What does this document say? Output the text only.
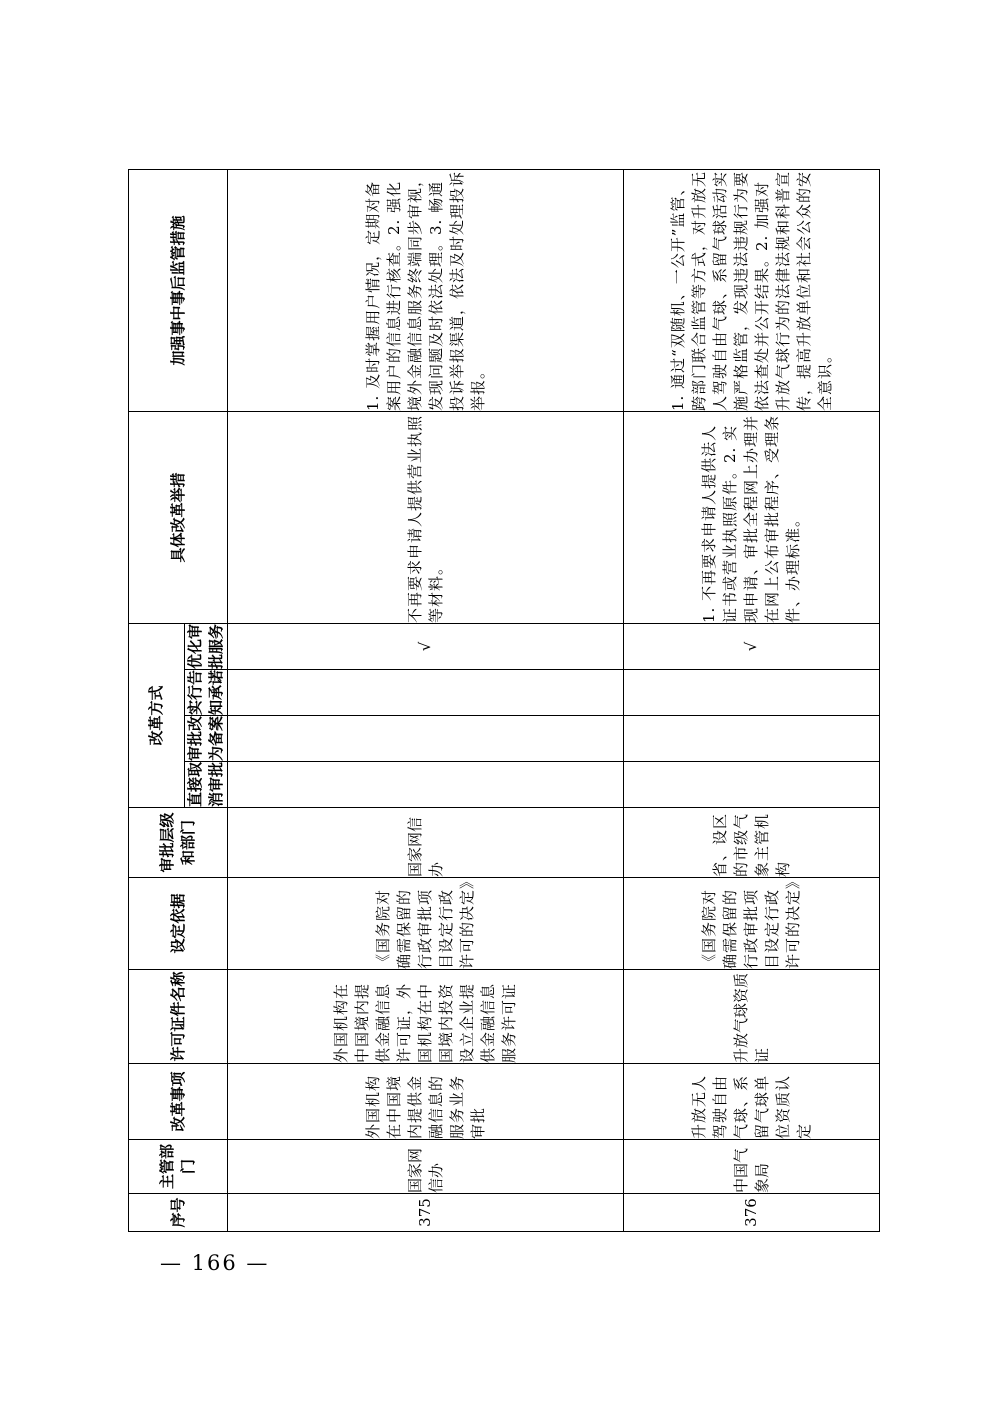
序号	主管部门	改革事项	许可证件名称	设定依据	审批层级和部门	改革方式				具体改革举措	加强事中事后监管措施
						直接取消审批	审批改为备案	实行告知承诺	优化审批服务		
375	国家网信办	外国机构在中国境内提供金融信息的服务业务审批	外国机构在中国境内提供金融信息许可证，外国机构在中国境内投资设立企业提供金融信息服务许可证	《国务院对确需保留的行政审批项目设定行政许可的决定》	国家网信办				√	不再要求申请人提供营业执照等材料。	1. 及时掌握用户情况，定期对备案用户的信息进行核查。2. 强化境外金融信息服务终端同步审视，发现问题及时依法处理。3. 畅通投诉举报渠道，依法及时处理投诉举报。
376	中国气象局	升放无人驾驶自由气球、系留气球单位资质认定	升放气球资质证	《国务院对确需保留的行政审批项目设定行政许可的决定》	省、设区的市级气象主管机构				√	1. 不再要求申请人提供法人证书或营业执照原件。2. 实现申请、审批全程网上办理并在网上公布审批程序、受理条件、办理标准。	1. 通过“双随机、一公开”监管、跨部门联合监管等方式，对升放无人驾驶自由气球、系留气球活动实施严格监管，发现违法违规行为要依法查处并公开结果。2. 加强对升放气球行为的法律法规和科普宣传，提高升放单位和社会公众的安全意识。
— 166 —
